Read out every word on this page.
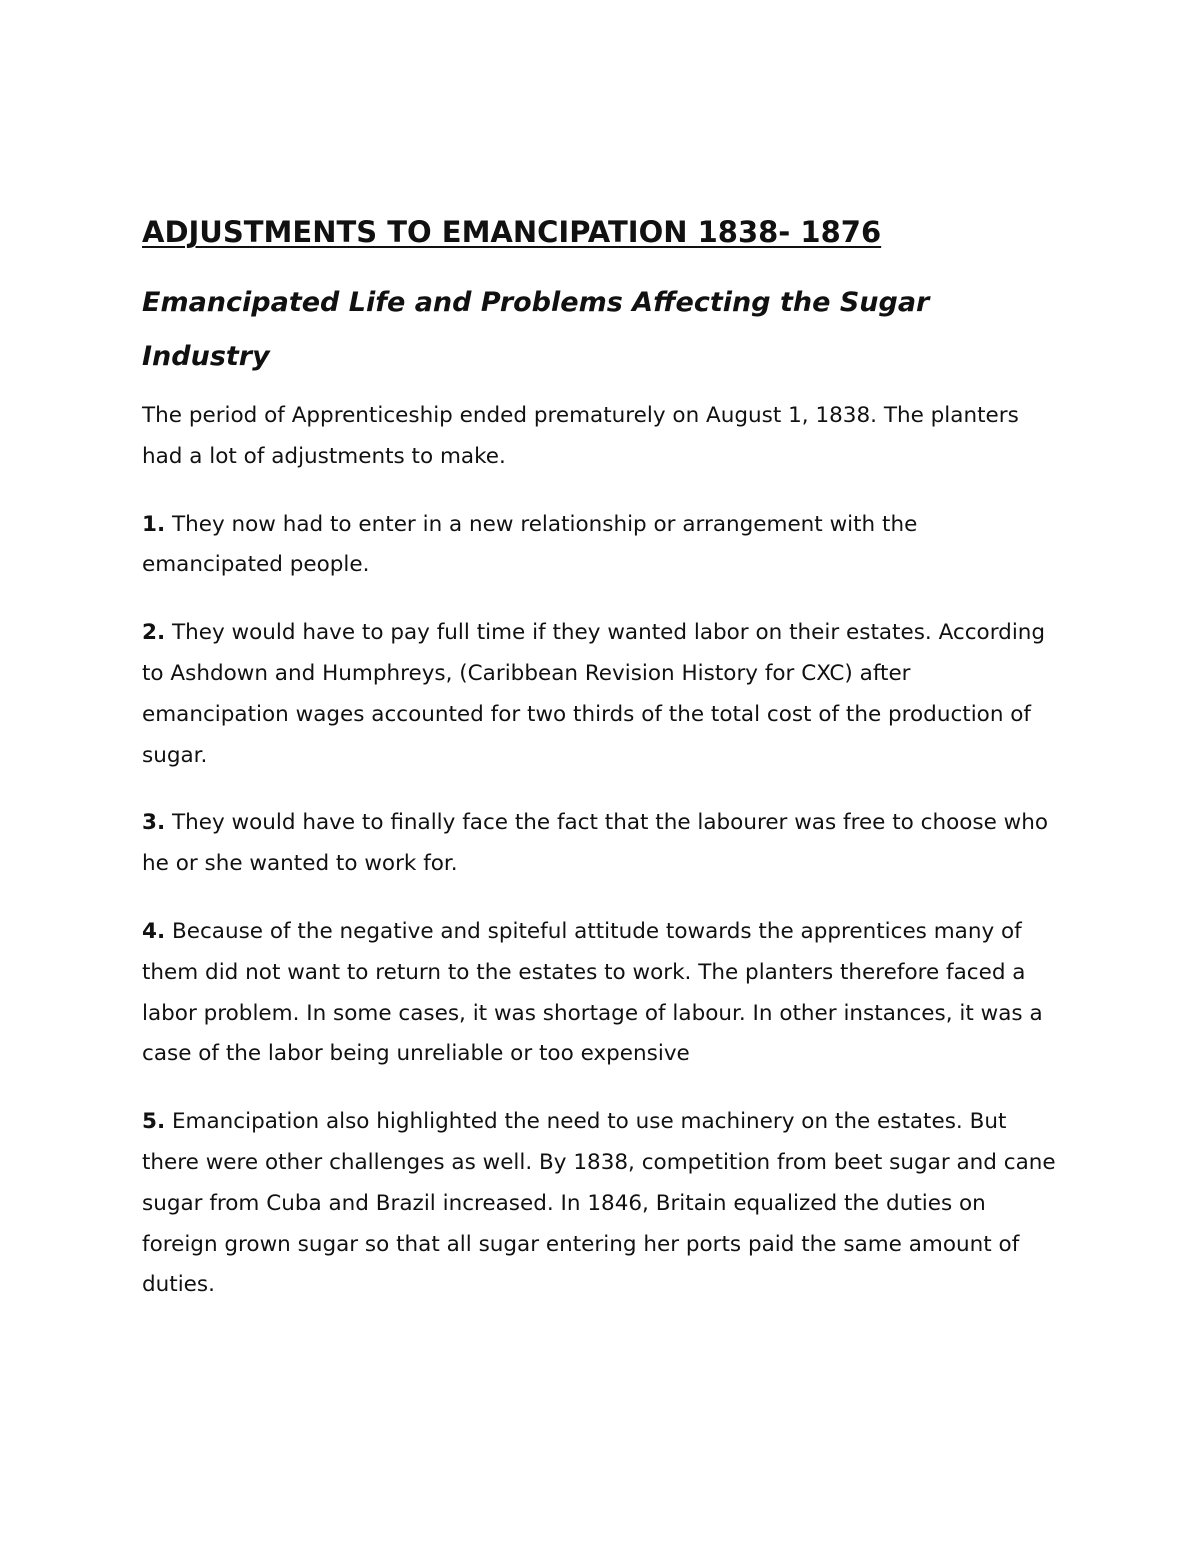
ADJUSTMENTS TO EMANCIPATION 1838- 1876
Emancipated Life and Problems Affecting the Sugar Industry

The period of Apprenticeship ended prematurely on August 1, 1838. The planters had a lot of adjustments to make.

1. They now had to enter in a new relationship or arrangement with the emancipated people.

2. They would have to pay full time if they wanted labor on their estates. According to Ashdown and Humphreys, (Caribbean Revision History for CXC) after emancipation wages accounted for two thirds of the total cost of the production of sugar.

3. They would have to finally face the fact that the labourer was free to choose who he or she wanted to work for.

4. Because of the negative and spiteful attitude towards the apprentices many of them did not want to return to the estates to work. The planters therefore faced a labor problem. In some cases, it was shortage of labour. In other instances, it was a case of the labor being unreliable or too expensive

5. Emancipation also highlighted the need to use machinery on the estates. But there were other challenges as well. By 1838, competition from beet sugar and cane sugar from Cuba and Brazil increased. In 1846, Britain equalized the duties on foreign grown sugar so that all sugar entering her ports paid the same amount of duties.
